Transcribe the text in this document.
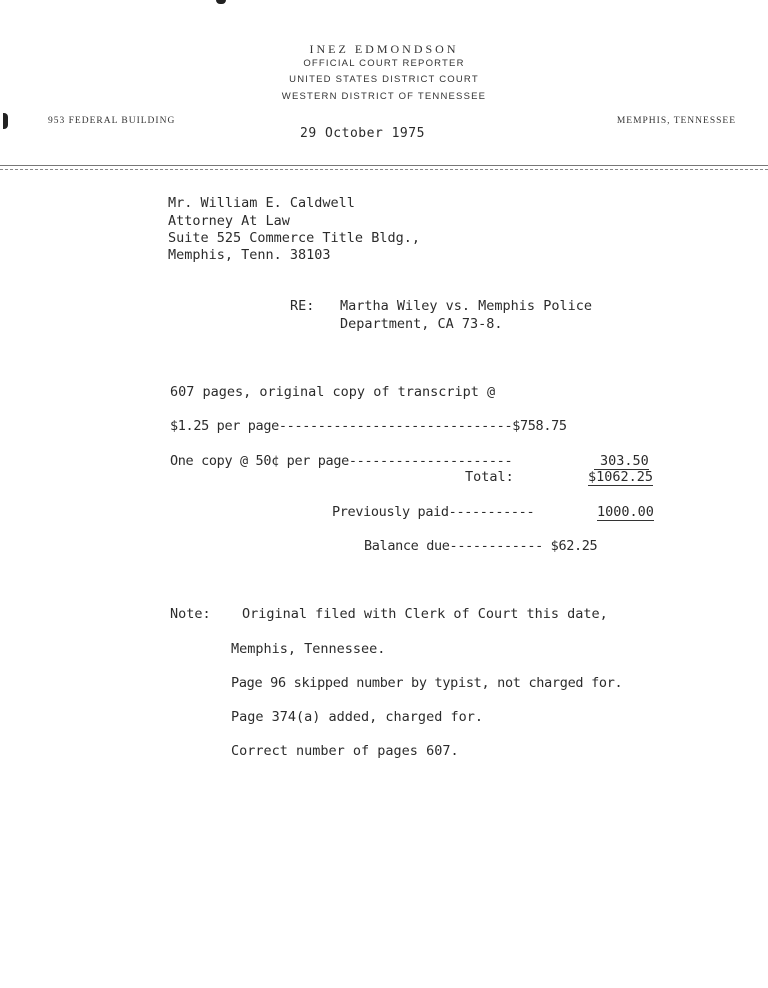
INEZ EDMONDSON
OFFICIAL COURT REPORTER
UNITED STATES DISTRICT COURT
WESTERN DISTRICT OF TENNESSEE
953 FEDERAL BUILDING	MEMPHIS, TENNESSEE
29 October 1975
Mr. William E. Caldwell
Attorney At Law
Suite 525 Commerce Title Bldg.,
Memphis, Tenn. 38103
RE: Martha Wiley vs. Memphis Police
Department, CA 73-8.
607 pages, original copy of transcript @
$1.25 per page------------------------------$758.75
One copy @ 50¢ per page---------------------	303.50
Total:	$1062.25
Previously paid-----------	1000.00
Balance due------------ $62.25
Note: Original filed with Clerk of Court this date,
Memphis, Tennessee.
Page 96 skipped number by typist, not charged for.
Page 374(a) added, charged for.
Correct number of pages 607.
